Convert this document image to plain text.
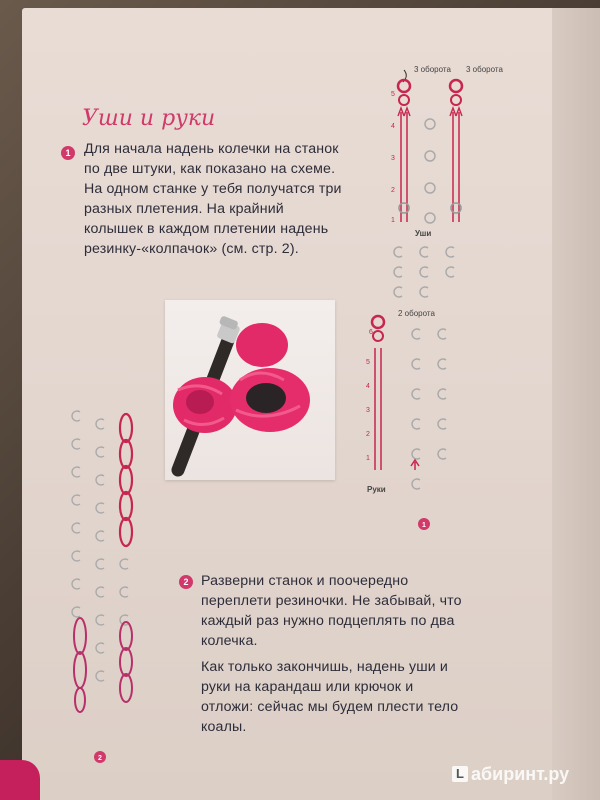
Уши и руки
1 Для начала надень колечки на станок по две штуки, как показано на схеме. На одном станке у тебя получатся три разных плетения. На крайний колышек в каждом плетении надень резинку-«колпачок» (см. стр. 2).

2 Разверни станок и поочередно переплети резиночки. Не забывай, что каждый раз нужно подцеплять по два колечка.

Как только закончишь, надень уши и руки на карандаш или крючок и отложи: сейчас мы будем плести тело коалы.

5
4
3
2
1
3 оборота 3 оборота
Уши
2 оборота
6
5
4
3
2
1
Руки
1
2
L абиринт.ру
